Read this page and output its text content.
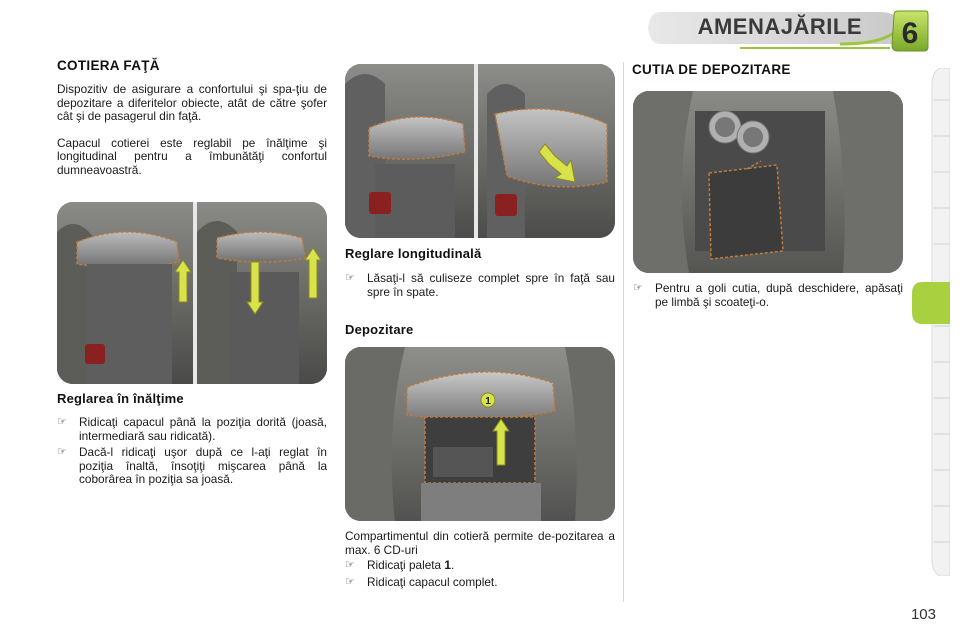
AMENAJĂRILE 6
COTIERA FAŢĂ

Dispozitiv de asigurare a confortului şi spa-ţiu de depozitare a diferitelor obiecte, atât de către şofer cât şi de pasagerul din faţă.

Capacul cotierei este reglabil pe înălţime şi longitudinal pentru a îmbunătăţi confortul dumneavoastră.

Reglarea în înălţime
☞	Ridicaţi capacul până la poziţia dorită (joasă, intermediară sau ridicată).
☞	Dacă-l ridicaţi uşor după ce l-aţi reglat în poziţia înaltă, însoţiţi mişcarea până la coborârea în poziţia sa joasă.
Reglare longitudinală
☞	Lăsaţi-l să culiseze complet spre în faţă sau spre în spate.
Depozitare
1

Compartimentul din cotieră permite de-pozitarea a max. 6 CD-uri

☞	Ridicaţi paleta 1.
☞	Ridicaţi capacul complet.
CUTIA DE DEPOZITARE
☞	Pentru a goli cutia, după deschidere, apăsaţi pe limbă şi scoateţi-o.
103
